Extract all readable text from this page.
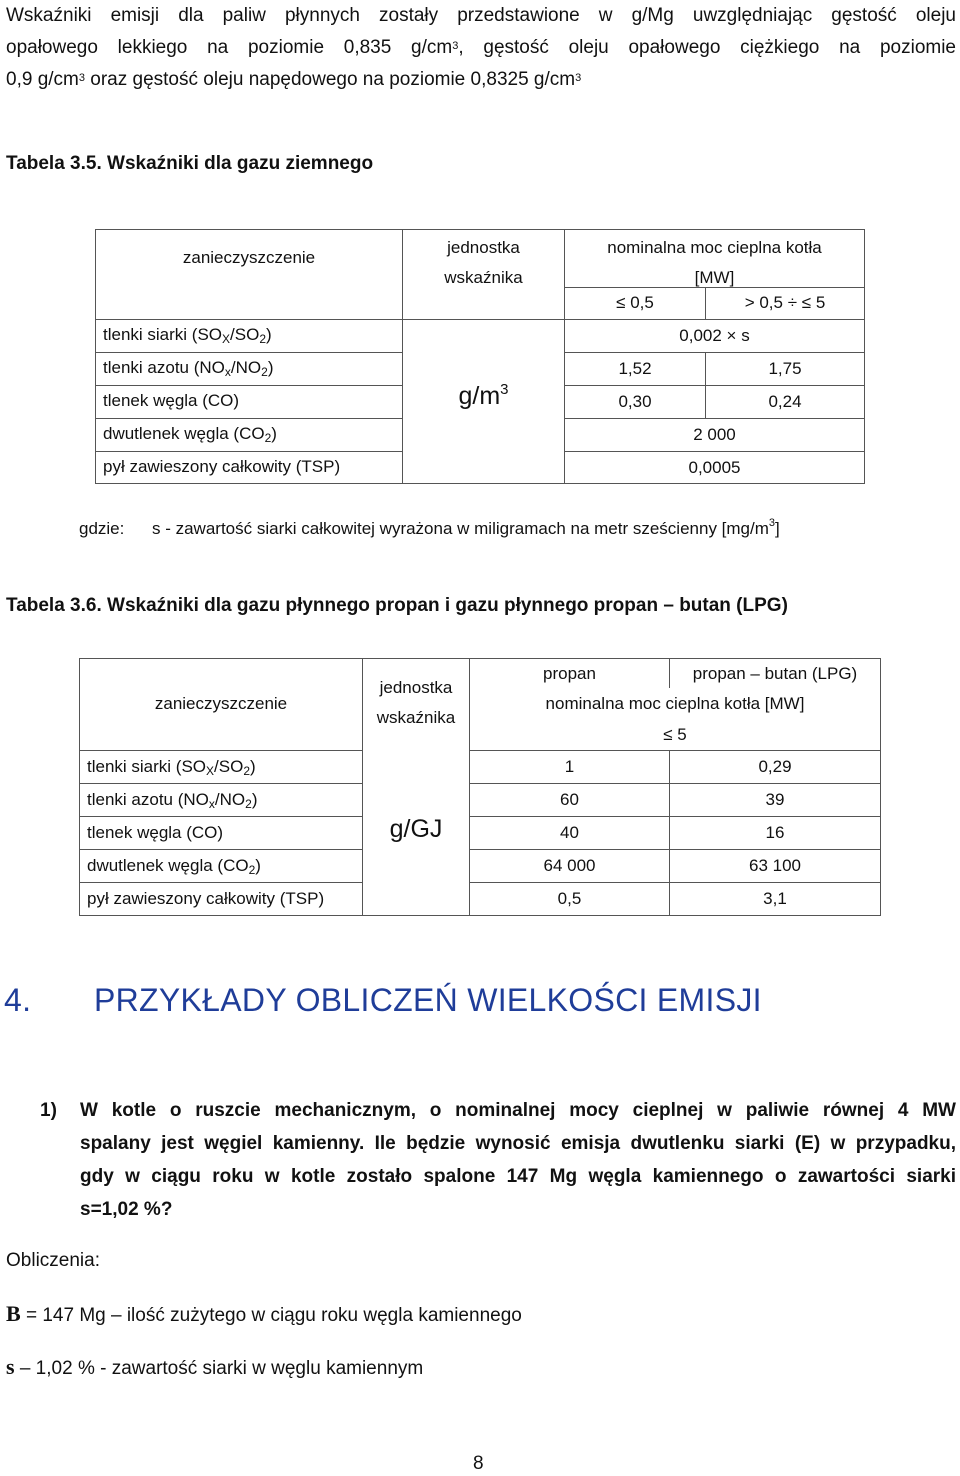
Wskaźniki emisji dla paliw płynnych zostały przedstawione w g/Mg uwzględniając gęstość oleju
opałowego lekkiego na poziomie 0,835 $g/cm^3$, gęstość oleju opałowego ciężkiego na poziomie
0,9 $g/cm^3$ oraz gęstość oleju napędowego na poziomie 0,8325 $g/cm^3$
Tabela 3.5. Wskaźniki dla gazu ziemnego
zanieczyszczenie
jednostka
wskaźnika
nominalna moc cieplna kotła
[MW]
≤ 0,5	> 0,5 ÷ ≤ 5
tlenki siarki (SOX/SO2)	0,002 × s
tlenki azotu (NOx/NO2)	1,52	1,75
tlenek węgla (CO)	0,30	0,24
dwutlenek węgla (CO2)	2 000
pył zawieszony całkowity (TSP)	0,0005
$g/m^3$
gdzie: s - zawartość siarki całkowitej wyrażona w miligramach na metr sześcienny $[mg/m^3]$
Tabela 3.6. Wskaźniki dla gazu płynnego propan i gazu płynnego propan – butan (LPG)
zanieczyszczenie
jednostka
wskaźnika
propan	propan – butan (LPG)
nominalna moc cieplna kotła [MW]
≤ 5
tlenki siarki (SOX/SO2)	1	0,29
tlenki azotu (NOx/NO2)	60	39
tlenek węgla (CO)	40	16
dwutlenek węgla (CO2)	64 000	63 100
pył zawieszony całkowity (TSP)	0,5	3,1
g/GJ
4. PRZYKŁADY OBLICZEŃ WIELKOŚCI EMISJI
1) W kotle o ruszcie mechanicznym, o nominalnej mocy cieplnej w paliwie równej 4 MW
spalany jest węgiel kamienny. Ile będzie wynosić emisja dwutlenku siarki (E) w przypadku,
gdy w ciągu roku w kotle zostało spalone 147 Mg węgla kamiennego o zawartości siarki
s=1,02 %?
Obliczenia:
B = 147 Mg – ilość zużytego w ciągu roku węgla kamiennego
s – 1,02 % - zawartość siarki w węglu kamiennym
8
